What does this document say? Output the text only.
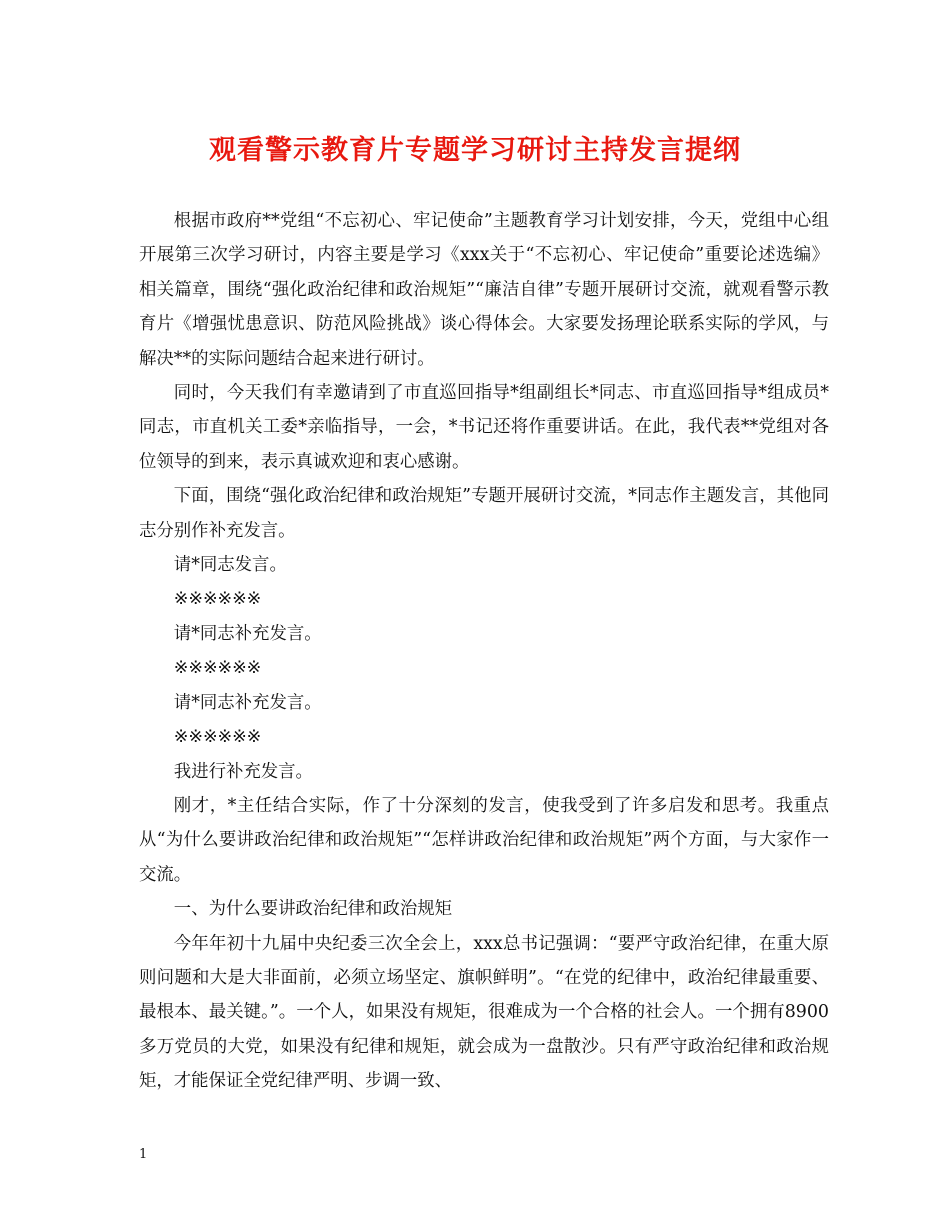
观看警示教育片专题学习研讨主持发言提纲

根据市政府**党组“不忘初心、牢记使命”主题教育学习计划安排，今天，党组中心组开展第三次学习研讨，内容主要是学习《xxx关于“不忘初心、牢记使命”重要论述选编》相关篇章，围绕“强化政治纪律和政治规矩”“廉洁自律”专题开展研讨交流，就观看警示教育片《增强忧患意识、防范风险挑战》谈心得体会。大家要发扬理论联系实际的学风，与解决**的实际问题结合起来进行研讨。

同时，今天我们有幸邀请到了市直巡回指导*组副组长*同志、市直巡回指导*组成员*同志，市直机关工委*亲临指导，一会，*书记还将作重要讲话。在此，我代表**党组对各位领导的到来，表示真诚欢迎和衷心感谢。

下面，围绕“强化政治纪律和政治规矩”专题开展研讨交流，*同志作主题发言，其他同志分别作补充发言。

请*同志发言。

※※※※※※

请*同志补充发言。

※※※※※※

请*同志补充发言。

※※※※※※

我进行补充发言。

刚才，*主任结合实际，作了十分深刻的发言，使我受到了许多启发和思考。我重点从“为什么要讲政治纪律和政治规矩”“怎样讲政治纪律和政治规矩”两个方面，与大家作一交流。

一、为什么要讲政治纪律和政治规矩

今年年初十九届中央纪委三次全会上，xxx总书记强调：“要严守政治纪律，在重大原则问题和大是大非面前，必须立场坚定、旗帜鲜明”。“在党的纪律中，政治纪律最重要、最根本、最关键。”。一个人，如果没有规矩，很难成为一个合格的社会人。一个拥有8900多万党员的大党，如果没有纪律和规矩，就会成为一盘散沙。只有严守政治纪律和政治规矩，才能保证全党纪律严明、步调一致、

1
